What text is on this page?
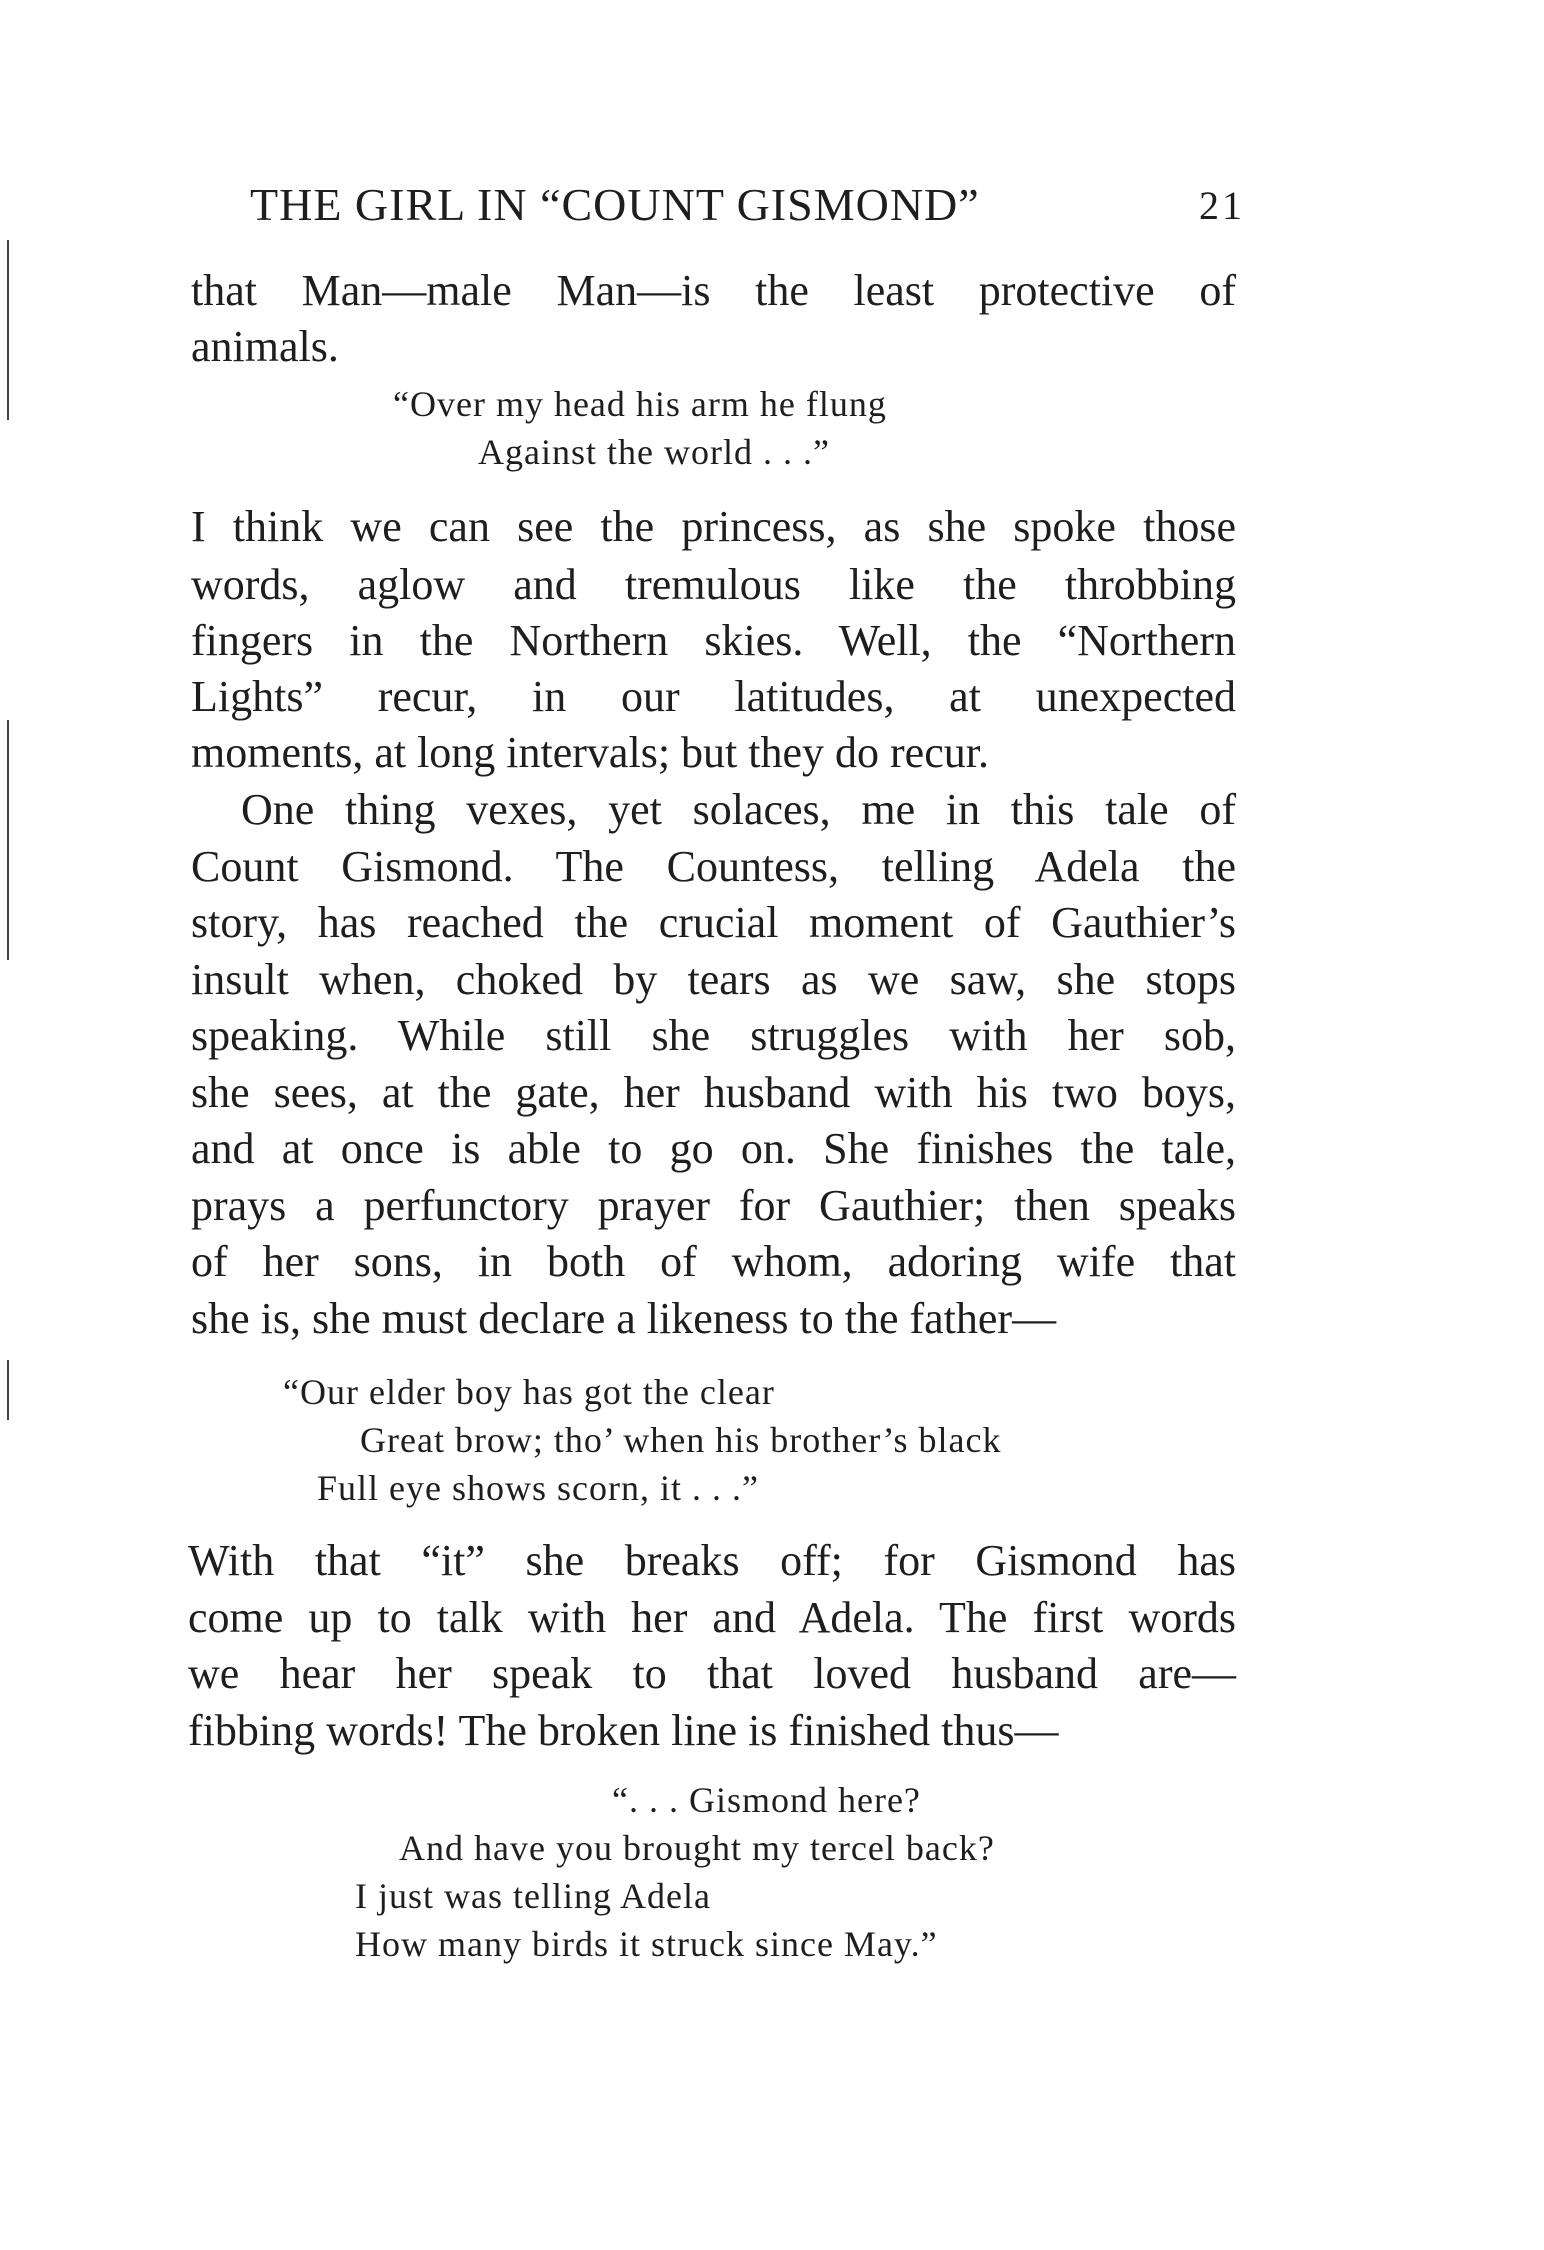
THE GIRL IN “COUNT GISMOND”	21
that Man—male Man—is the least protective of
animals.
“Over my head his arm he flung
Against the world . . .”
I think we can see the princess, as she spoke those
words, aglow and tremulous like the throbbing
fingers in the Northern skies. Well, the “Northern
Lights” recur, in our latitudes, at unexpected
moments, at long intervals; but they do recur.
One thing vexes, yet solaces, me in this tale of
Count Gismond. The Countess, telling Adela the
story, has reached the crucial moment of Gauthier’s
insult when, choked by tears as we saw, she stops
speaking. While still she struggles with her sob,
she sees, at the gate, her husband with his two boys,
and at once is able to go on. She finishes the tale,
prays a perfunctory prayer for Gauthier; then speaks
of her sons, in both of whom, adoring wife that
she is, she must declare a likeness to the father—
“Our elder boy has got the clear
Great brow; tho’ when his brother’s black
Full eye shows scorn, it . . .”
With that “it” she breaks off; for Gismond has
come up to talk with her and Adela. The first words
we hear her speak to that loved husband are—
fibbing words! The broken line is finished thus—
“. . . Gismond here?
And have you brought my tercel back?
I just was telling Adela
How many birds it struck since May.”
